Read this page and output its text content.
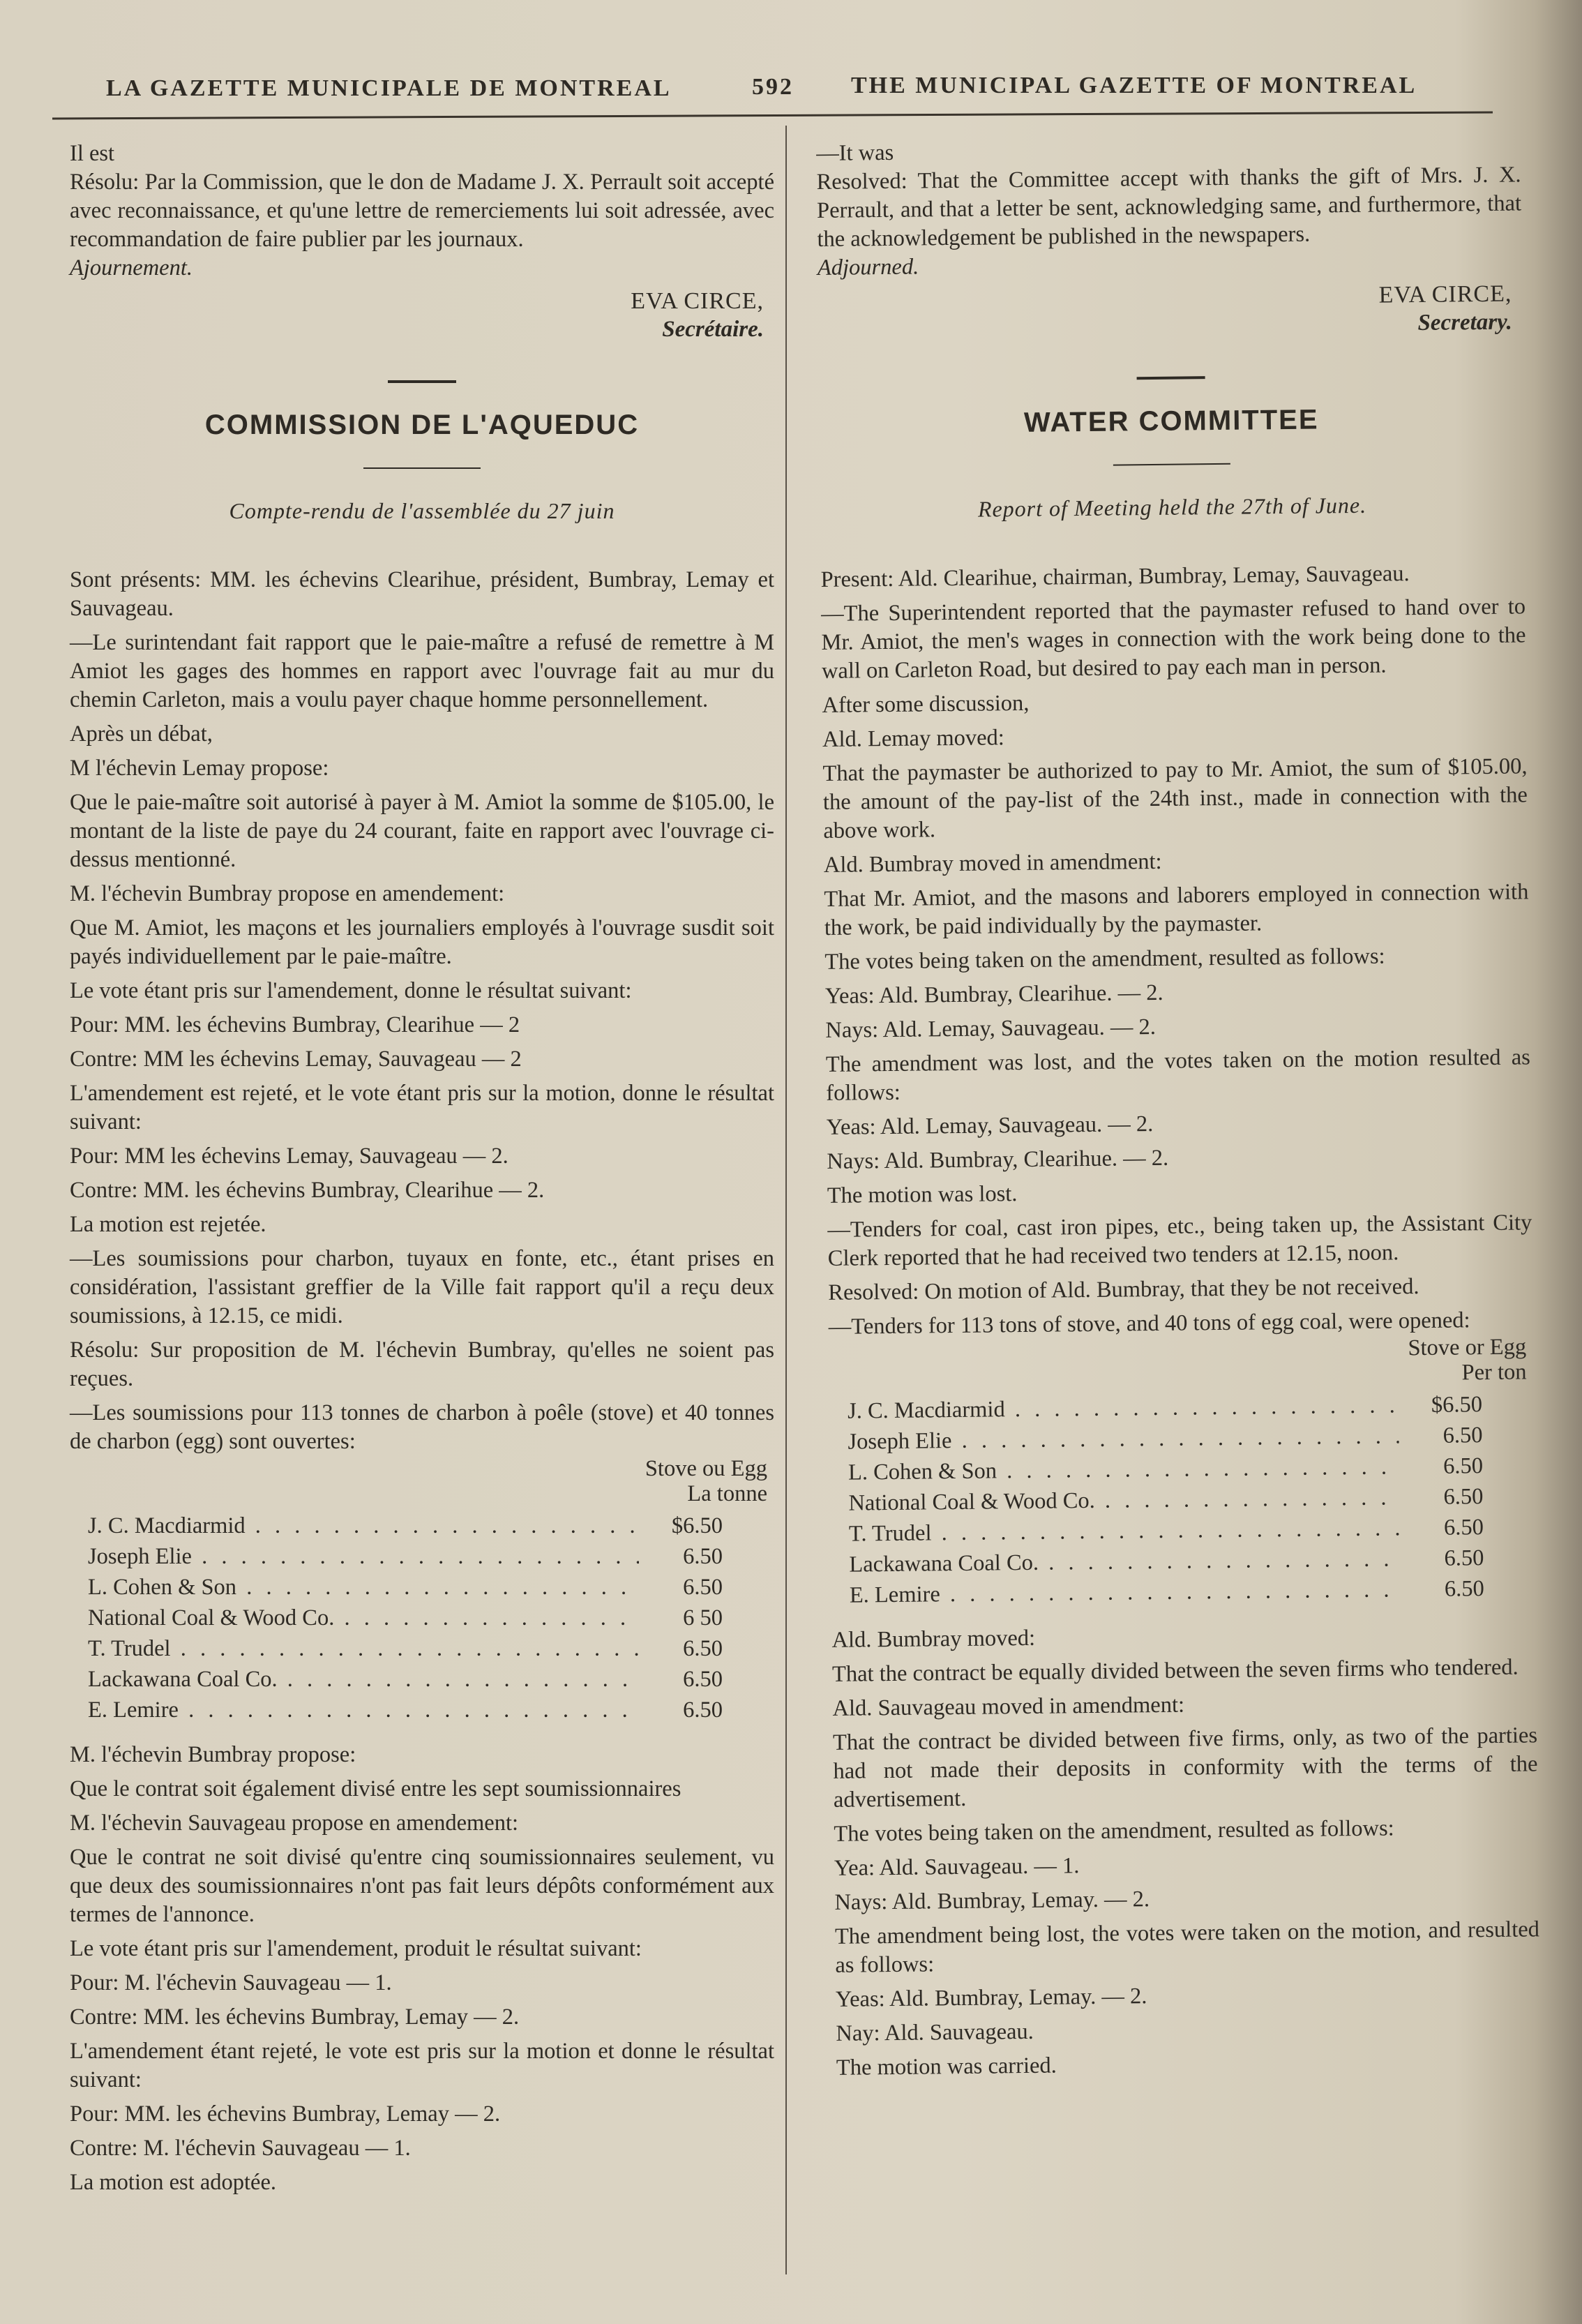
LA GAZETTE MUNICIPALE DE MONTREAL	592 THE MUNICIPAL GAZETTE OF MONTREAL

Il est

Résolu: Par la Commission, que le don de Madame J. X. Perrault soit accepté avec reconnaissance, et qu'une lettre de remerciements lui soit adressée, avec recommandation de faire publier par les journaux.

Ajournement.

EVA CIRCE,
Secrétaire.
COMMISSION DE L'AQUEDUC

Compte-rendu de l'assemblée du 27 juin

Sont présents: MM. les échevins Clearihue, président, Bumbray, Lemay et Sauvageau.

—Le surintendant fait rapport que le paie-maître a refusé de remettre à M Amiot les gages des hommes en rapport avec l'ouvrage fait au mur du chemin Carleton, mais a voulu payer chaque homme personnellement.

Après un débat,

M l'échevin Lemay propose:

Que le paie-maître soit autorisé à payer à M. Amiot la somme de $105.00, le montant de la liste de paye du 24 courant, faite en rapport avec l'ouvrage ci-dessus mentionné.

M. l'échevin Bumbray propose en amendement:

Que M. Amiot, les maçons et les journaliers employés à l'ouvrage susdit soit payés individuellement par le paie-maître.

Le vote étant pris sur l'amendement, donne le résultat suivant:

Pour: MM. les échevins Bumbray, Clearihue — 2

Contre: MM les échevins Lemay, Sauvageau — 2

L'amendement est rejeté, et le vote étant pris sur la motion, donne le résultat suivant:

Pour: MM les échevins Lemay, Sauvageau — 2.

Contre: MM. les échevins Bumbray, Clearihue — 2.

La motion est rejetée.

—Les soumissions pour charbon, tuyaux en fonte, etc., étant prises en considération, l'assistant greffier de la Ville fait rapport qu'il a reçu deux soumissions, à 12.15, ce midi.

Résolu: Sur proposition de M. l'échevin Bumbray, qu'elles ne soient pas reçues.

—Les soumissions pour 113 tonnes de charbon à poêle (stove) et 40 tonnes de charbon (egg) sont ouvertes:

Stove ou Egg
La tonne
J. C. Macdiarmid . . .	$6.50
Joseph Elie . . .	6.50
L. Cohen & Son . . .	6.50
National Coal & Wood Co. . . .	6 50
T. Trudel . . .	6.50
Lackawana Coal Co. . . .	6.50
E. Lemire . . .	6.50

M. l'échevin Bumbray propose:

Que le contrat soit également divisé entre les sept soumissionnaires

M. l'échevin Sauvageau propose en amendement:

Que le contrat ne soit divisé qu'entre cinq soumissionnaires seulement, vu que deux des soumissionnaires n'ont pas fait leurs dépôts conformément aux termes de l'annonce.

Le vote étant pris sur l'amendement, produit le résultat suivant:

Pour: M. l'échevin Sauvageau — 1.

Contre: MM. les échevins Bumbray, Lemay — 2.

L'amendement étant rejeté, le vote est pris sur la motion et donne le résultat suivant:

Pour: MM. les échevins Bumbray, Lemay — 2.

Contre: M. l'échevin Sauvageau — 1.

La motion est adoptée.

—It was

Resolved: That the Committee accept with thanks the gift of Mrs. J. X. Perrault, and that a letter be sent, acknowledging same, and furthermore, that the acknowledgement be published in the newspapers.

Adjourned.

EVA CIRCE,
Secretary.
WATER COMMITTEE

Report of Meeting held the 27th of June.

Present: Ald. Clearihue, chairman, Bumbray, Lemay, Sauvageau.

—The Superintendent reported that the paymaster refused to hand over to Mr. Amiot, the men's wages in connection with the work being done to the wall on Carleton Road, but desired to pay each man in person.

After some discussion,

Ald. Lemay moved:

That the paymaster be authorized to pay to Mr. Amiot, the sum of $105.00, the amount of the pay-list of the 24th inst., made in connection with the above work.

Ald. Bumbray moved in amendment:

That Mr. Amiot, and the masons and laborers employed in connection with the work, be paid individually by the paymaster.

The votes being taken on the amendment, resulted as follows:

Yeas: Ald. Bumbray, Clearihue. — 2.

Nays: Ald. Lemay, Sauvageau. — 2.

The amendment was lost, and the votes taken on the motion resulted as follows:

Yeas: Ald. Lemay, Sauvageau. — 2.

Nays: Ald. Bumbray, Clearihue. — 2.

The motion was lost.

—Tenders for coal, cast iron pipes, etc., being taken up, the Assistant City Clerk reported that he had received two tenders at 12.15, noon.

Resolved: On motion of Ald. Bumbray, that they be not received.

—Tenders for 113 tons of stove, and 40 tons of egg coal, were opened:

Stove or Egg
Per ton
J. C. Macdiarmid . . .	$6.50
Joseph Elie . . .	6.50
L. Cohen & Son . . .	6.50
National Coal & Wood Co. . . .	6.50
T. Trudel . . .	6.50
Lackawana Coal Co. . . .	6.50
E. Lemire . . .	6.50

Ald. Bumbray moved:

That the contract be equally divided between the seven firms who tendered.

Ald. Sauvageau moved in amendment:

That the contract be divided between five firms, only, as two of the parties had not made their deposits in conformity with the terms of the advertisement.

The votes being taken on the amendment, resulted as follows:

Yea: Ald. Sauvageau. — 1.

Nays: Ald. Bumbray, Lemay. — 2.

The amendment being lost, the votes were taken on the motion, and resulted as follows:

Yeas: Ald. Bumbray, Lemay. — 2.

Nay: Ald. Sauvageau.

The motion was carried.
